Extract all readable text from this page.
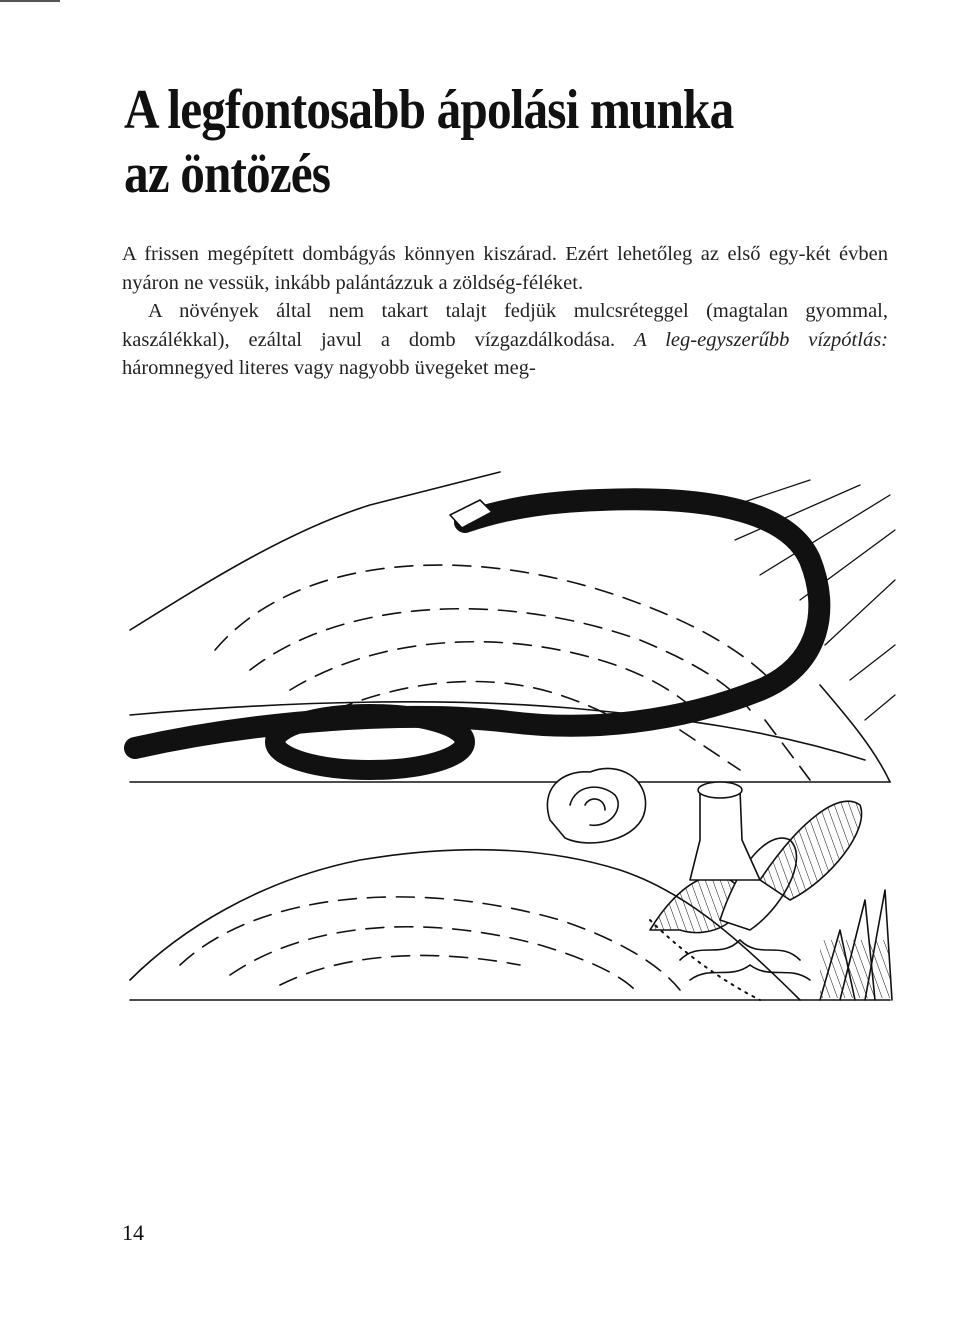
A legfontosabb ápolási munka
az öntözés

A frissen megépített dombágyás könnyen kiszárad. Ezért lehetőleg az első egy-két évben nyáron ne vessük, inkább palántázzuk a zöldség-féléket.

A növények által nem takart talajt fedjük mulcsréteggel (magtalan gyommal, kaszálékkal), ezáltal javul a domb vízgazdálkodása. A leg-egyszerűbb vízpótlás: háromnegyed literes vagy nagyobb üvegeket meg-

14
